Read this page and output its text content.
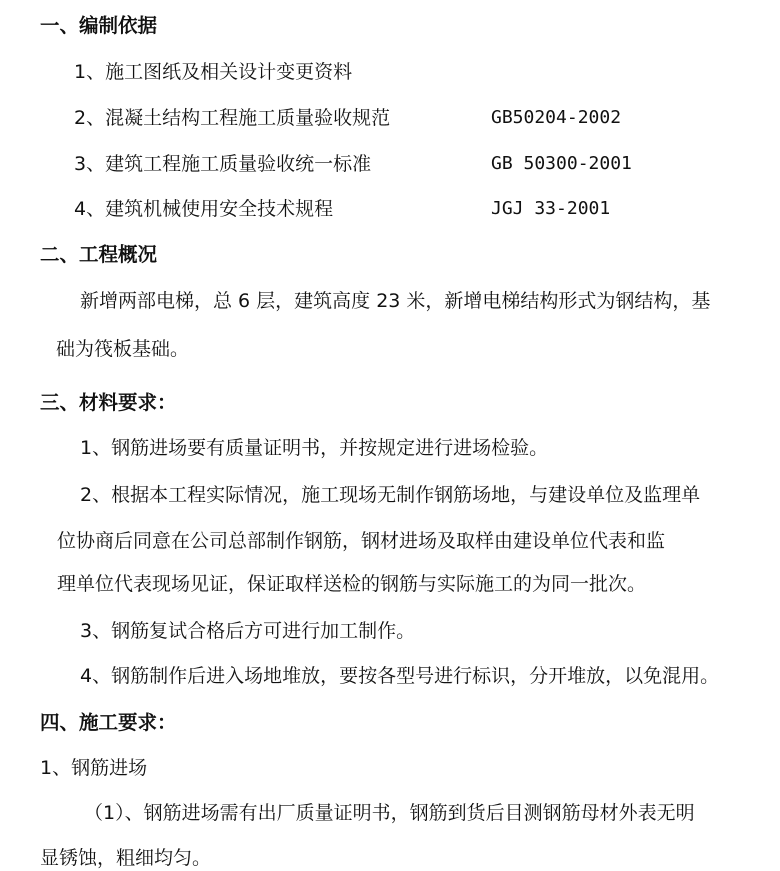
一、编制依据
1、施工图纸及相关设计变更资料
2、混凝土结构工程施工质量验收规范	GB50204-2002
3、建筑工程施工质量验收统一标准	GB 50300-2001
4、建筑机械使用安全技术规程	JGJ 33-2001
二、工程概况
新增两部电梯，总 6 层，建筑高度 23 米，新增电梯结构形式为钢结构，基
础为筏板基础。
三、材料要求：
1、钢筋进场要有质量证明书，并按规定进行进场检验。
2、根据本工程实际情况，施工现场无制作钢筋场地，与建设单位及监理单
位协商后同意在公司总部制作钢筋，钢材进场及取样由建设单位代表和监
理单位代表现场见证，保证取样送检的钢筋与实际施工的为同一批次。
3、钢筋复试合格后方可进行加工制作。
4、钢筋制作后进入场地堆放，要按各型号进行标识，分开堆放，以免混用。
四、施工要求：
1、钢筋进场
（1）、钢筋进场需有出厂质量证明书，钢筋到货后目测钢筋母材外表无明
显锈蚀，粗细均匀。
